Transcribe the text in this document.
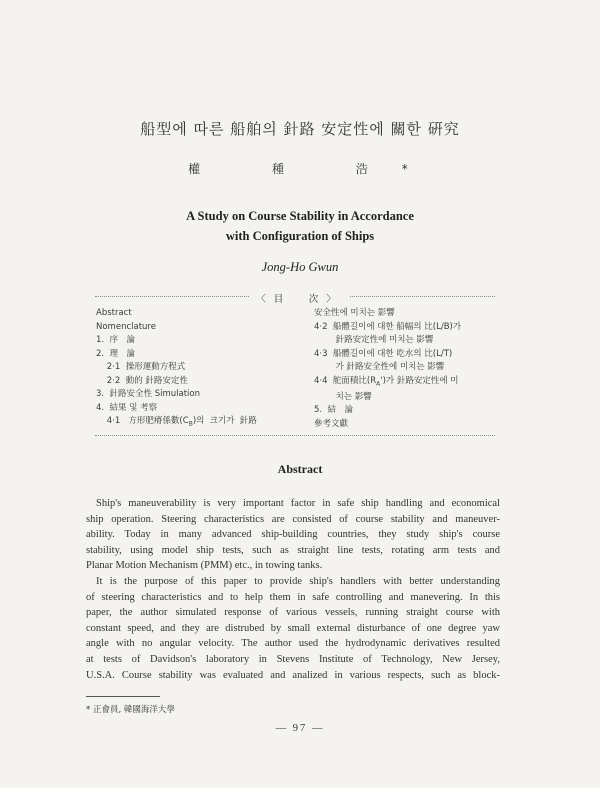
船型에 따른 船舶의 針路 安定性에 關한 硏究
權 種 浩*
A Study on Course Stability in Accordance
with Configuration of Ships
Jong-Ho Gwun
〈目　次〉
Abstract
Nomenclature
1.  序　論
2.  理　論
2·1  操形運動方程式
2·2  動的 針路安定性
3.  針路安全性 Simulation
4.  結果 및 考察
4·1   方形肥瘠係數$(C_B)$의  크기가  針路
安全性에 미치는 影響
4·2  船體길이에 대한 船幅의 比(L/B)가
針路安定性에 미치는 影響
4·3  船體길이에 대한 吃水의 比(L/T)
가 針路安全性에 미치는 影響
4·4  舵面積比$(R_A')$가 針路安定性에 미
치는 影響
5.  結　論
參考文獻
Abstract
Ship's maneuverability is very important factor in safe ship handling and economical
ship operation. Steering characteristics are consisted of course stability and maneuver-
ability. Today in many advanced ship-building countries, they study ship's course
stability, using model ship tests, such as straight line tests, rotating arm tests and
Planar Motion Mechanism (PMM) etc., in towing tanks.
It is the purpose of this paper to provide ship's handlers with better understanding
of steering characteristics and to help them in safe controlling and manevering. In this
paper, the author simulated response of various vessels, running straight course with
constant speed, and they are distrubed by small external disturbance of one degree yaw
angle with no angular velocity. The author used the hydrodynamic derivatives resulted
at tests of Davidson's laboratory in Stevens Institute of Technology, New Jersey,
U.S.A. Course stability was evaluated and analized in various respects, such as block-
* 正會員, 韓國海洋大學
— 97 —
